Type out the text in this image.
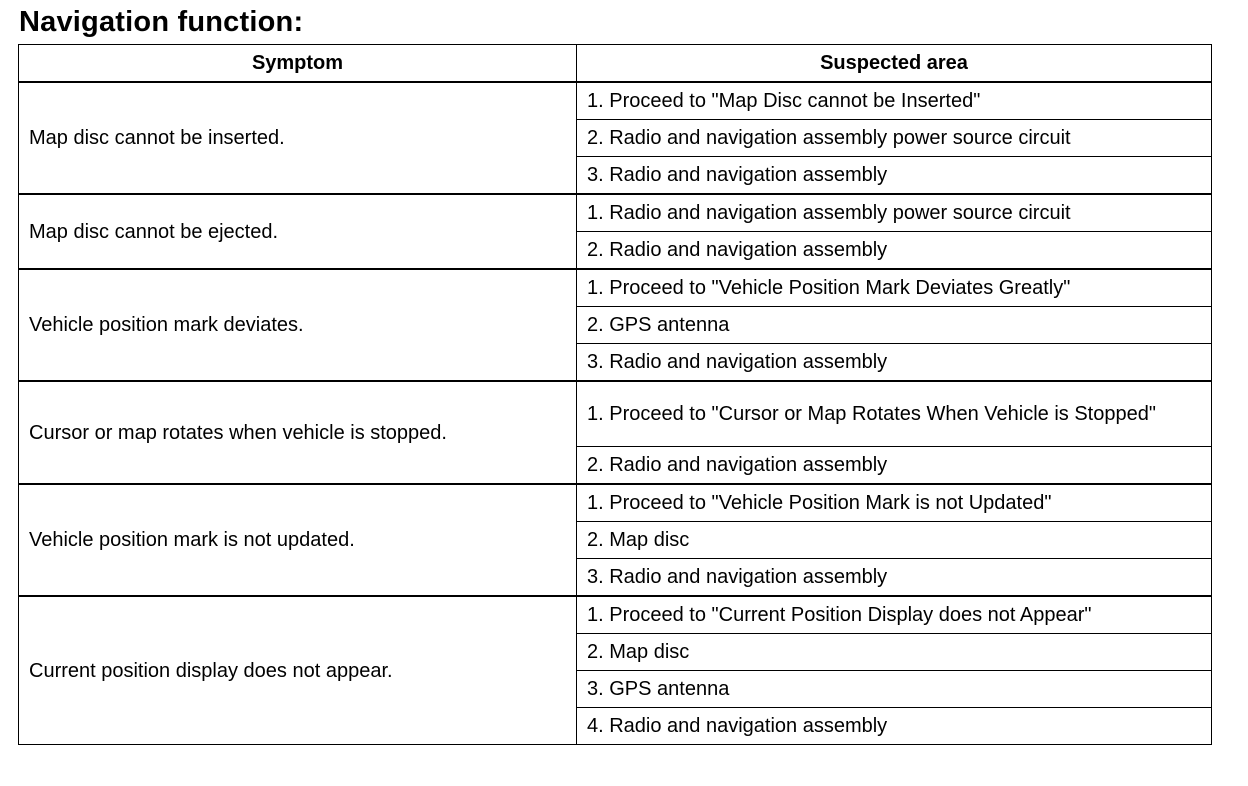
Navigation function:
Symptom	Suspected area
Map disc cannot be inserted.	1. Proceed to "Map Disc cannot be Inserted"
	2. Radio and navigation assembly power source circuit
	3. Radio and navigation assembly
Map disc cannot be ejected.	1. Radio and navigation assembly power source circuit
	2. Radio and navigation assembly
Vehicle position mark deviates.	1. Proceed to "Vehicle Position Mark Deviates Greatly"
	2. GPS antenna
	3. Radio and navigation assembly
Cursor or map rotates when vehicle is stopped.	1. Proceed to "Cursor or Map Rotates When Vehicle is Stopped"
	2. Radio and navigation assembly
Vehicle position mark is not updated.	1. Proceed to "Vehicle Position Mark is not Updated"
	2. Map disc
	3. Radio and navigation assembly
Current position display does not appear.	1. Proceed to "Current Position Display does not Appear"
	2. Map disc
	3. GPS antenna
	4. Radio and navigation assembly
